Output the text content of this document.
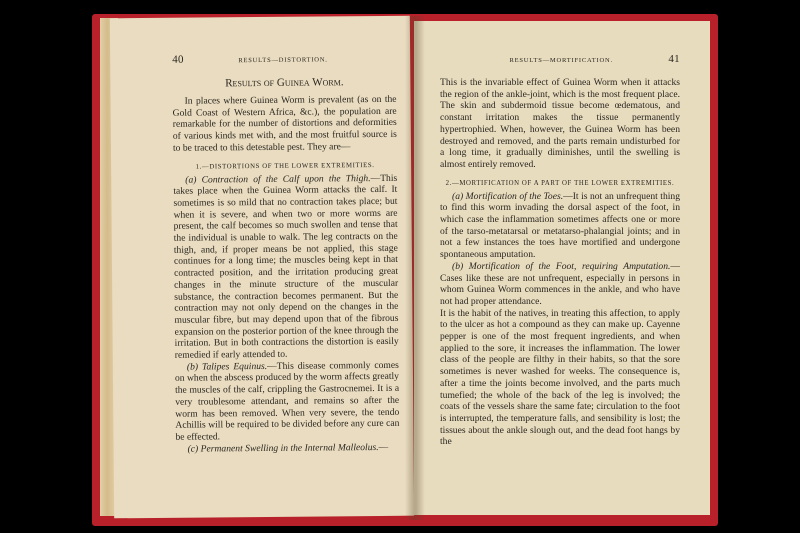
40	RESULTS—DISTORTION.
Results of Guinea Worm.

In places where Guinea Worm is prevalent (as on the Gold Coast of Western Africa, &c.), the population are remarkable for the number of distortions and deformities of various kinds met with, and the most fruitful source is to be traced to this detestable pest. They are—

1.—DISTORTIONS OF THE LOWER EXTREMITIES.

(a) Contraction of the Calf upon the Thigh.—This takes place when the Guinea Worm attacks the calf. It sometimes is so mild that no contraction takes place; but when it is severe, and when two or more worms are present, the calf becomes so much swollen and tense that the individual is unable to walk. The leg contracts on the thigh, and, if proper means be not applied, this stage continues for a long time; the muscles being kept in that contracted position, and the irritation producing great changes in the minute structure of the muscular substance, the contraction becomes permanent. But the contraction may not only depend on the changes in the muscular fibre, but may depend upon that of the fibrous expansion on the posterior portion of the knee through the irritation. But in both contractions the distortion is easily remedied if early attended to.

(b) Talipes Equinus.—This disease commonly comes on when the abscess produced by the worm affects greatly the muscles of the calf, crippling the Gastrocnemei. It is a very troublesome attendant, and remains so after the worm has been removed. When very severe, the tendo Achillis will be required to be divided before any cure can be effected.

(c) Permanent Swelling in the Internal Malleolus.—

RESULTS—MORTIFICATION.	41

This is the invariable effect of Guinea Worm when it attacks the region of the ankle-joint, which is the most frequent place. The skin and subdermoid tissue become œdematous, and constant irritation makes the tissue permanently hypertrophied. When, however, the Guinea Worm has been destroyed and removed, and the parts remain undisturbed for a long time, it gradually diminishes, until the swelling is almost entirely removed.

2.—MORTIFICATION OF A PART OF THE LOWER EXTREMITIES.

(a) Mortification of the Toes.—It is not an unfrequent thing to find this worm invading the dorsal aspect of the foot, in which case the inflammation sometimes affects one or more of the tarso-metatarsal or metatarso-phalangial joints; and in not a few instances the toes have mortified and undergone spontaneous amputation.

(b) Mortification of the Foot, requiring Amputation.—Cases like these are not unfrequent, especially in persons in whom Guinea Worm commences in the ankle, and who have not had proper attendance.

It is the habit of the natives, in treating this affection, to apply to the ulcer as hot a compound as they can make up. Cayenne pepper is one of the most frequent ingredients, and when applied to the sore, it increases the inflammation. The lower class of the people are filthy in their habits, so that the sore sometimes is never washed for weeks. The consequence is, after a time the joints become involved, and the parts much tumefied; the whole of the back of the leg is involved; the coats of the vessels share the same fate; circulation to the foot is interrupted, the temperature falls, and sensibility is lost; the tissues about the ankle slough out, and the dead foot hangs by the
